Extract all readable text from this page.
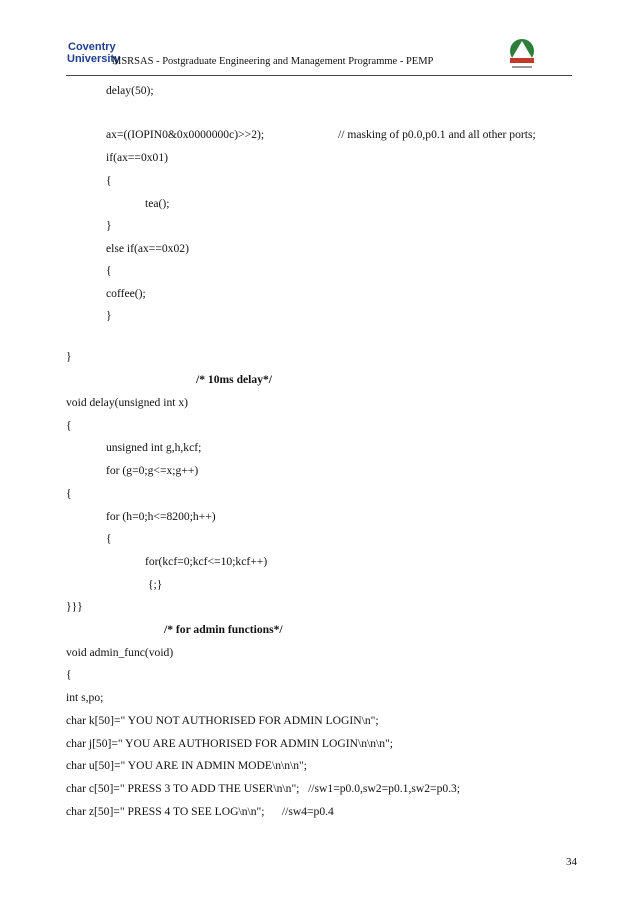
Coventry
University
MSRSAS - Postgraduate Engineering and Management Programme - PEMP
delay(50);
ax=((IOPIN0&0x0000000c)>>2);	// masking of p0.0,p0.1 and all other ports;
if(ax==0x01)
{
tea();
}
else if(ax==0x02)
{
coffee();
}
}
/* 10ms delay*/
void delay(unsigned int x)
{
unsigned int g,h,kcf;
for (g=0;g<=x;g++)
{
for (h=0;h<=8200;h++)
{
for(kcf=0;kcf<=10;kcf++)
{;}
}}}
/* for admin functions*/
void admin_func(void)
{
int s,po;
char k[50]=" YOU NOT AUTHORISED FOR ADMIN LOGIN\n";
char j[50]=" YOU ARE AUTHORISED FOR ADMIN LOGIN\n\n\n";
char u[50]=" YOU ARE IN ADMIN MODE\n\n\n";
char c[50]=" PRESS 3 TO ADD THE USER\n\n";   //sw1=p0.0,sw2=p0.1,sw2=p0.3;
char z[50]=" PRESS 4 TO SEE LOG\n\n";      //sw4=p0.4
34
